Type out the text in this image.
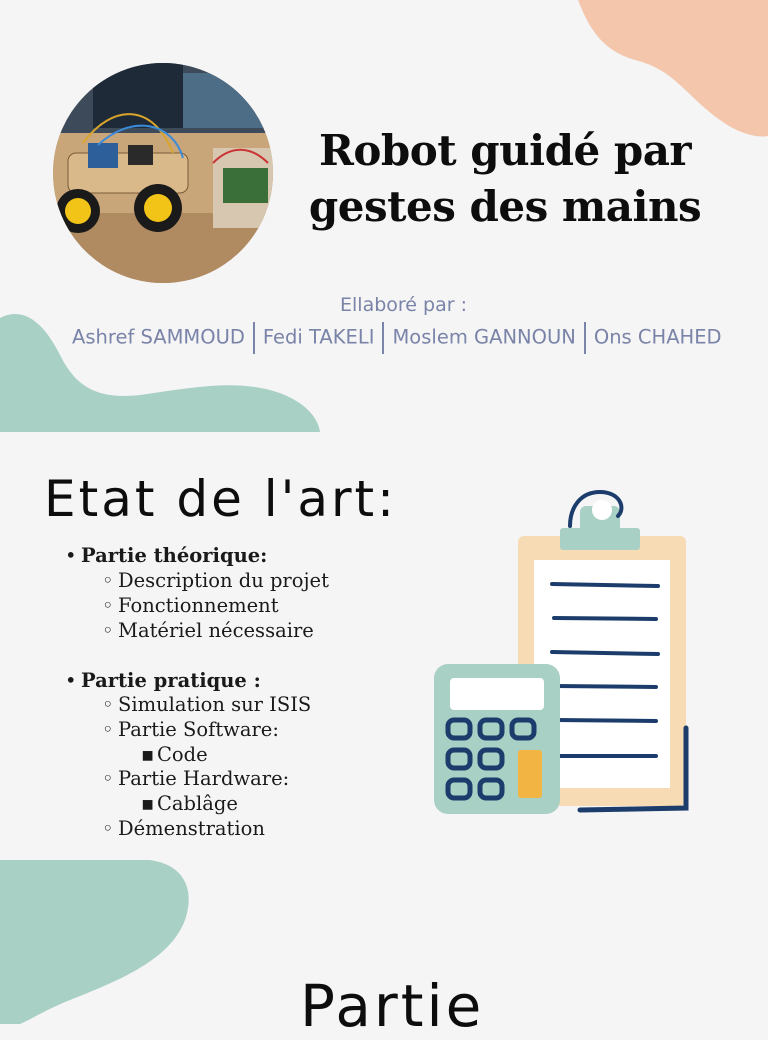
Robot guidé par
gestes des mains
Ellaboré par :
Ashref SAMMOUD Fedi TAKELI Moslem GANNOUN Ons CHAHED
Etat de l'art:
• Partie théorique:
◦ Description du projet
◦ Fonctionnement
◦ Matériel nécessaire
• Partie pratique :
◦ Simulation sur ISIS
◦ Partie Software:
▪ Code
◦ Partie Hardware:
▪ Cablâge
◦ Démenstration
Partie
